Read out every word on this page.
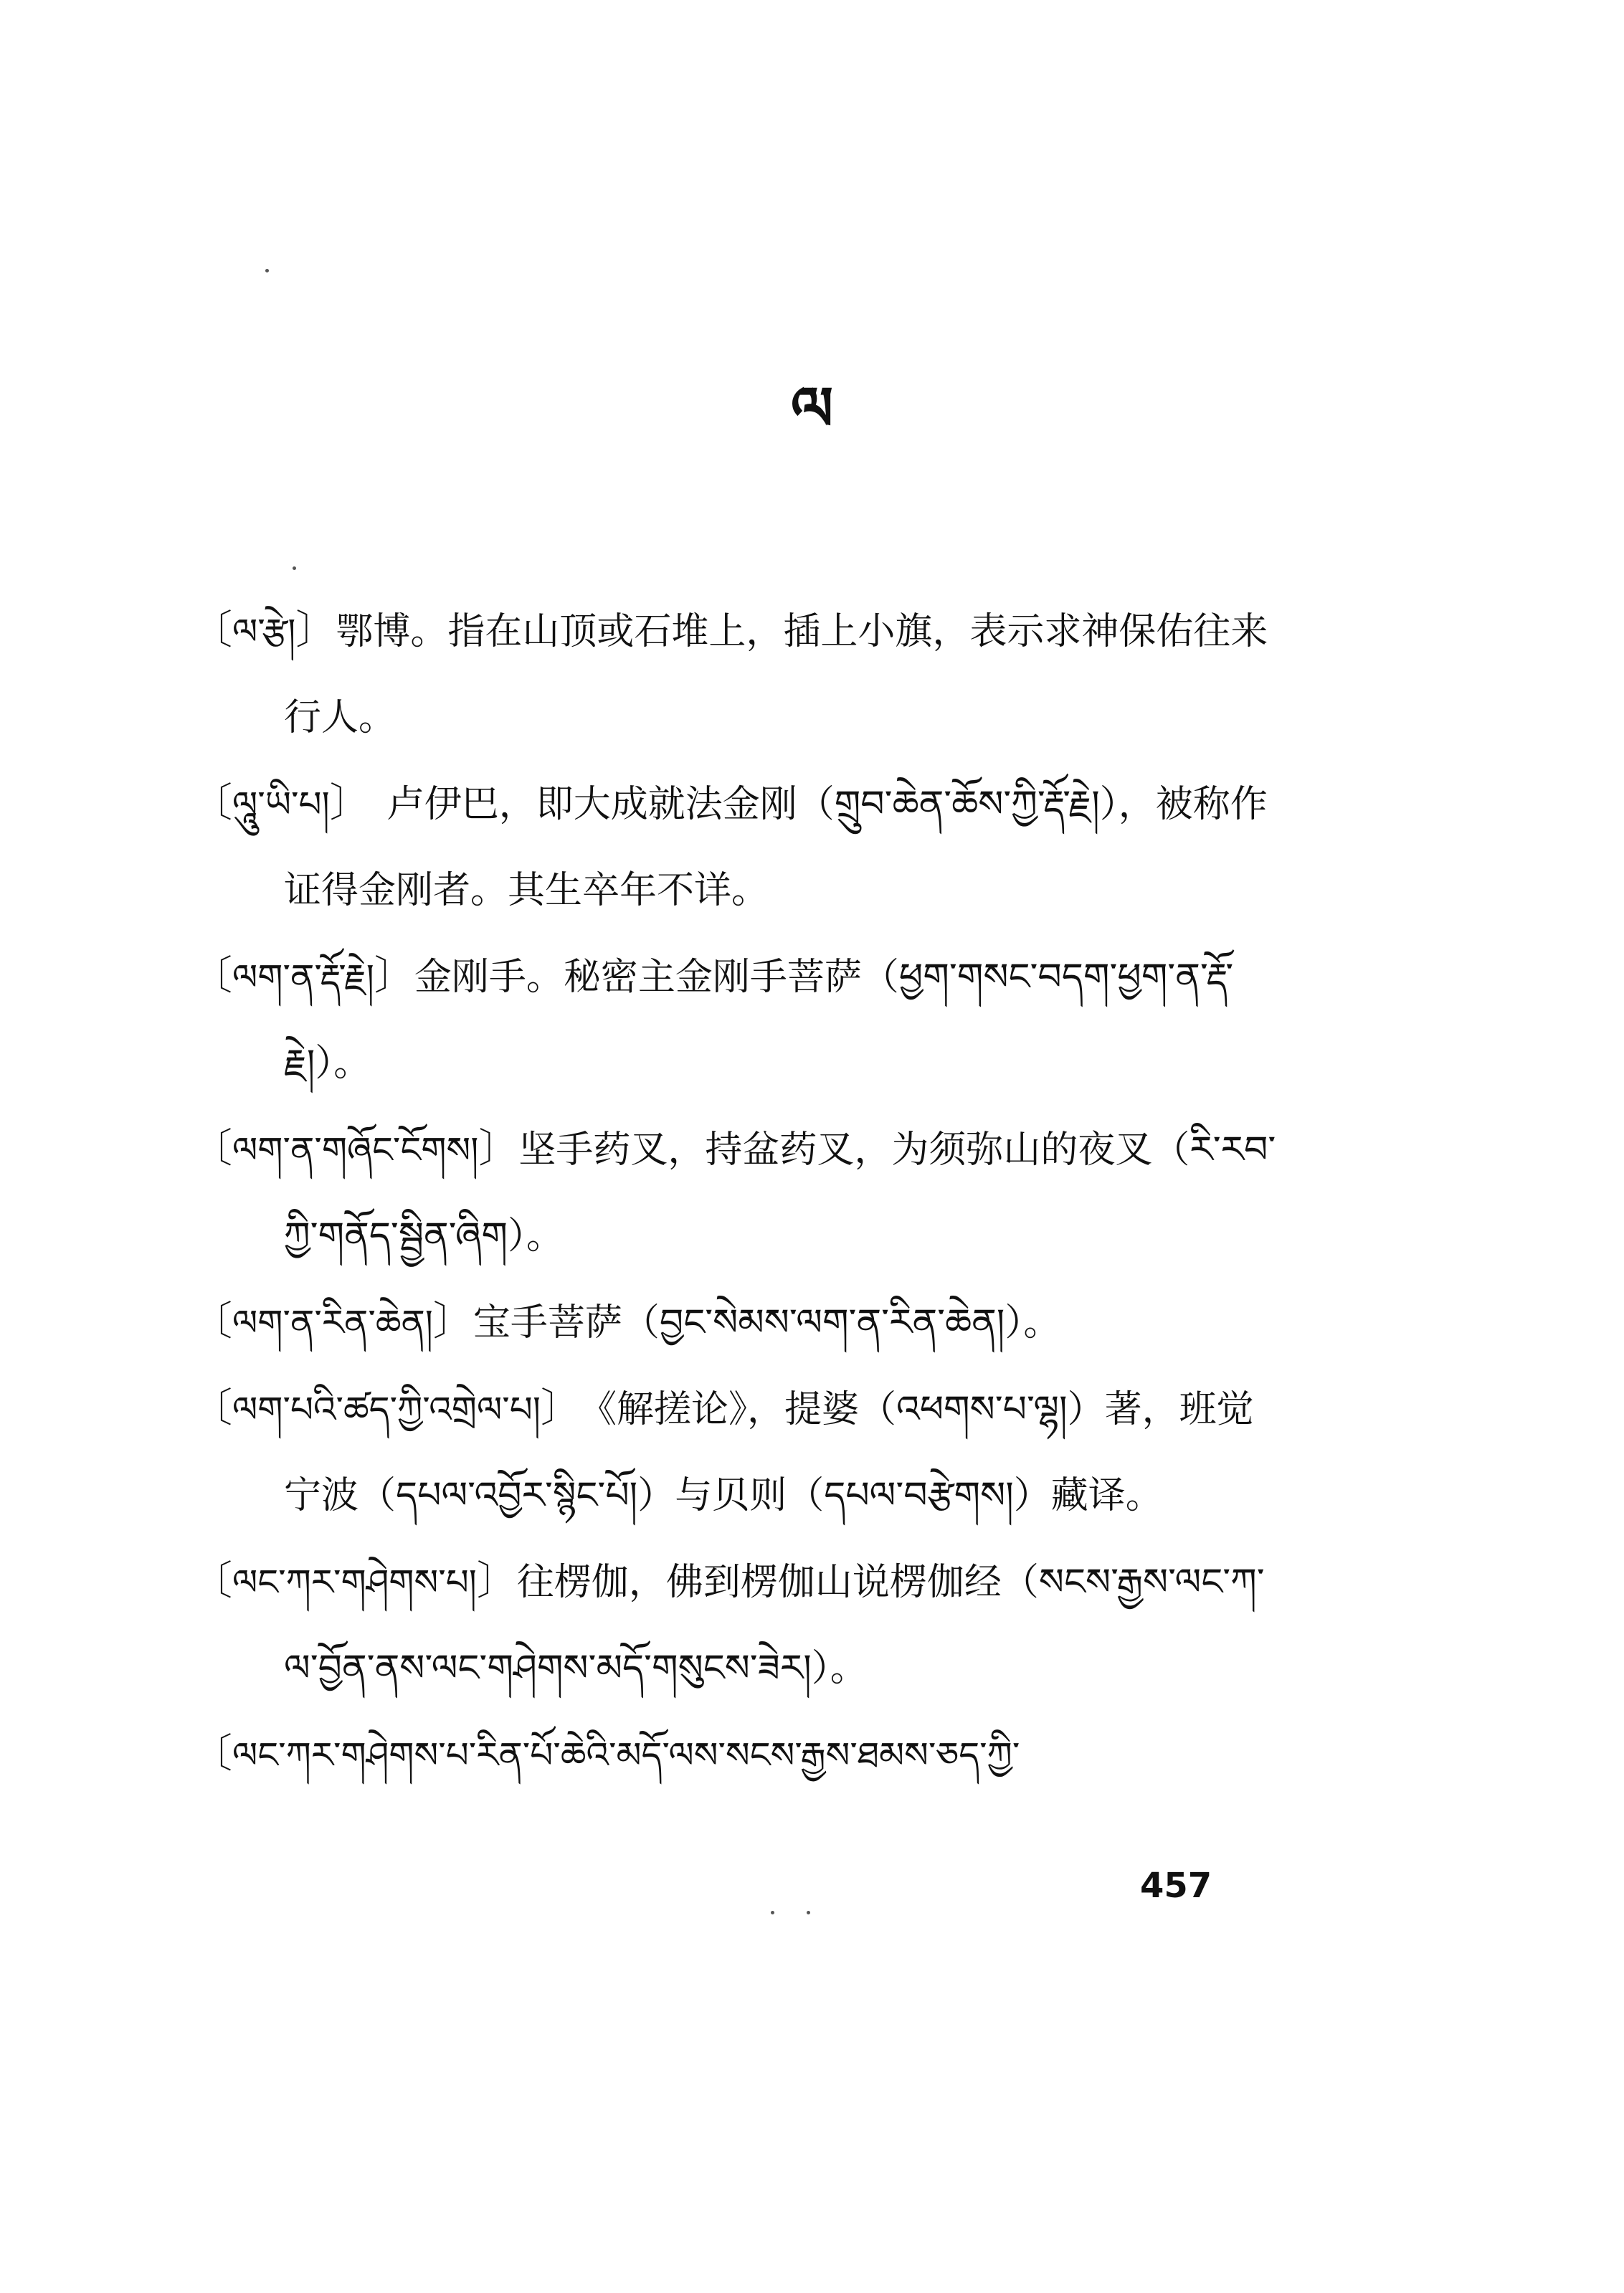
ལ

〔ལ་རྩེ།〕鄂博。指在山顶或石堆上，插上小旗，表示求神保佑往来行人。

〔ལཱུ་ཡི་པ།〕　卢伊巴，即大成就法金刚（གྲུབ་ཆེན་ཆོས་ཀྱི་རྡོ་རྗེ།），被称作证得金刚者。其生卒年不详。

〔ལག་ན་རྡོ་རྗེ།〕金刚手。秘密主金刚手菩萨（ཕྱག་གསང་བདག་ཕྱག་ན་རྡོ་རྗེ།）。

〔ལག་ན་གཞོང་ངོགས།〕坚手药叉，持盆药叉，为须弥山的夜叉（རི་རབ་ཀྱི་གནོད་སྦྱིན་ཞིག）。

〔ལག་ན་རིན་ཆེན།〕宝手菩萨（བྱང་སེམས་ལག་ན་རིན་ཆེན།）。

〔ལག་པའི་ཚད་ཀྱི་འགྲེལ་པ།〕　《解搓论》，提婆（འཕགས་པ་ལྷ།）著，班觉宁波（དཔལ་འབྱོར་སྙིང་པོ།）与贝则（དཔལ་བརྩེགས།）藏译。

〔ལང་ཀར་གཤེགས་པ།〕往楞伽，佛到楞伽山说楞伽经（སངས་རྒྱས་ལང་ཀ་ལ་བྱོན་ནས་ལང་གཤེགས་མདོ་གསུངས་ཟེར།）。

〔ལང་ཀར་གཤེགས་པ་རིན་པོ་ཆེའི་མདོ་ལས་སངས་རྒྱས་ཐམས་ཅད་ཀྱི་

457
